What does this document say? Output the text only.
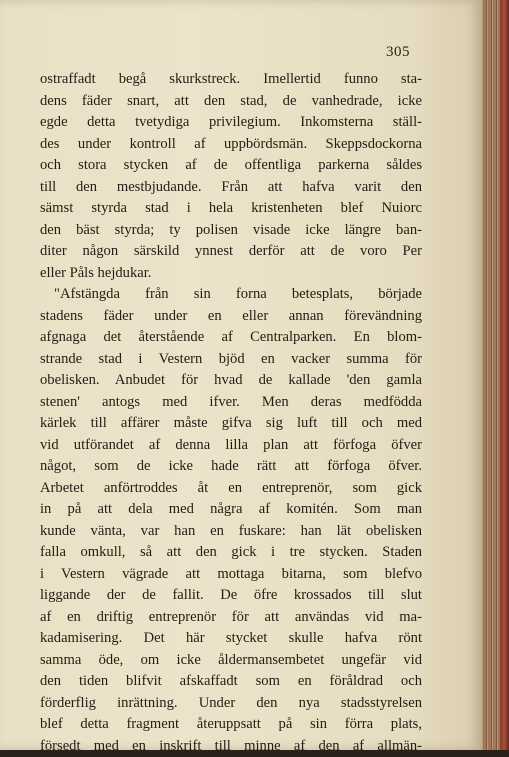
305
ostraffadt begå skurkstreck. Imellertid funno sta-
dens fäder snart, att den stad, de vanhedrade, icke
egde detta tvetydiga privilegium. Inkomsterna ställ-
des under kontroll af uppbördsmän. Skeppsdockorna
och stora stycken af de offentliga parkerna såldes
till den mestbjudande. Från att hafva varit den
sämst styrda stad i hela kristenheten blef Nuiorc
den bäst styrda; ty polisen visade icke längre ban-
diter någon särskild ynnest derför att de voro Per
eller Påls hejdukar.
"Afstängda från sin forna betesplats, började
stadens fäder under en eller annan förevändning
afgnaga det återstående af Centralparken. En blom-
strande stad i Vestern bjöd en vacker summa för
obelisken. Anbudet för hvad de kallade 'den gamla
stenen' antogs med ifver. Men deras medfödda
kärlek till affärer måste gifva sig luft till och med
vid utförandet af denna lilla plan att förfoga öfver
något, som de icke hade rätt att förfoga öfver.
Arbetet anförtroddes åt en entreprenör, som gick
in på att dela med några af komitén. Som man
kunde vänta, var han en fuskare: han lät obelisken
falla omkull, så att den gick i tre stycken. Staden
i Vestern vägrade att mottaga bitarna, som blefvo
liggande der de fallit. De öfre krossados till slut
af en driftig entreprenör för att användas vid ma-
kadamisering. Det här stycket skulle hafva rönt
samma öde, om icke åldermansembetet ungefär vid
den tiden blifvit afskaffadt som en föråldrad och
förderflig inrättning. Under den nya stadsstyrelsen
blef detta fragment återuppsatt på sin förra plats,
försedt med en inskrift till minne af den af allmän-
